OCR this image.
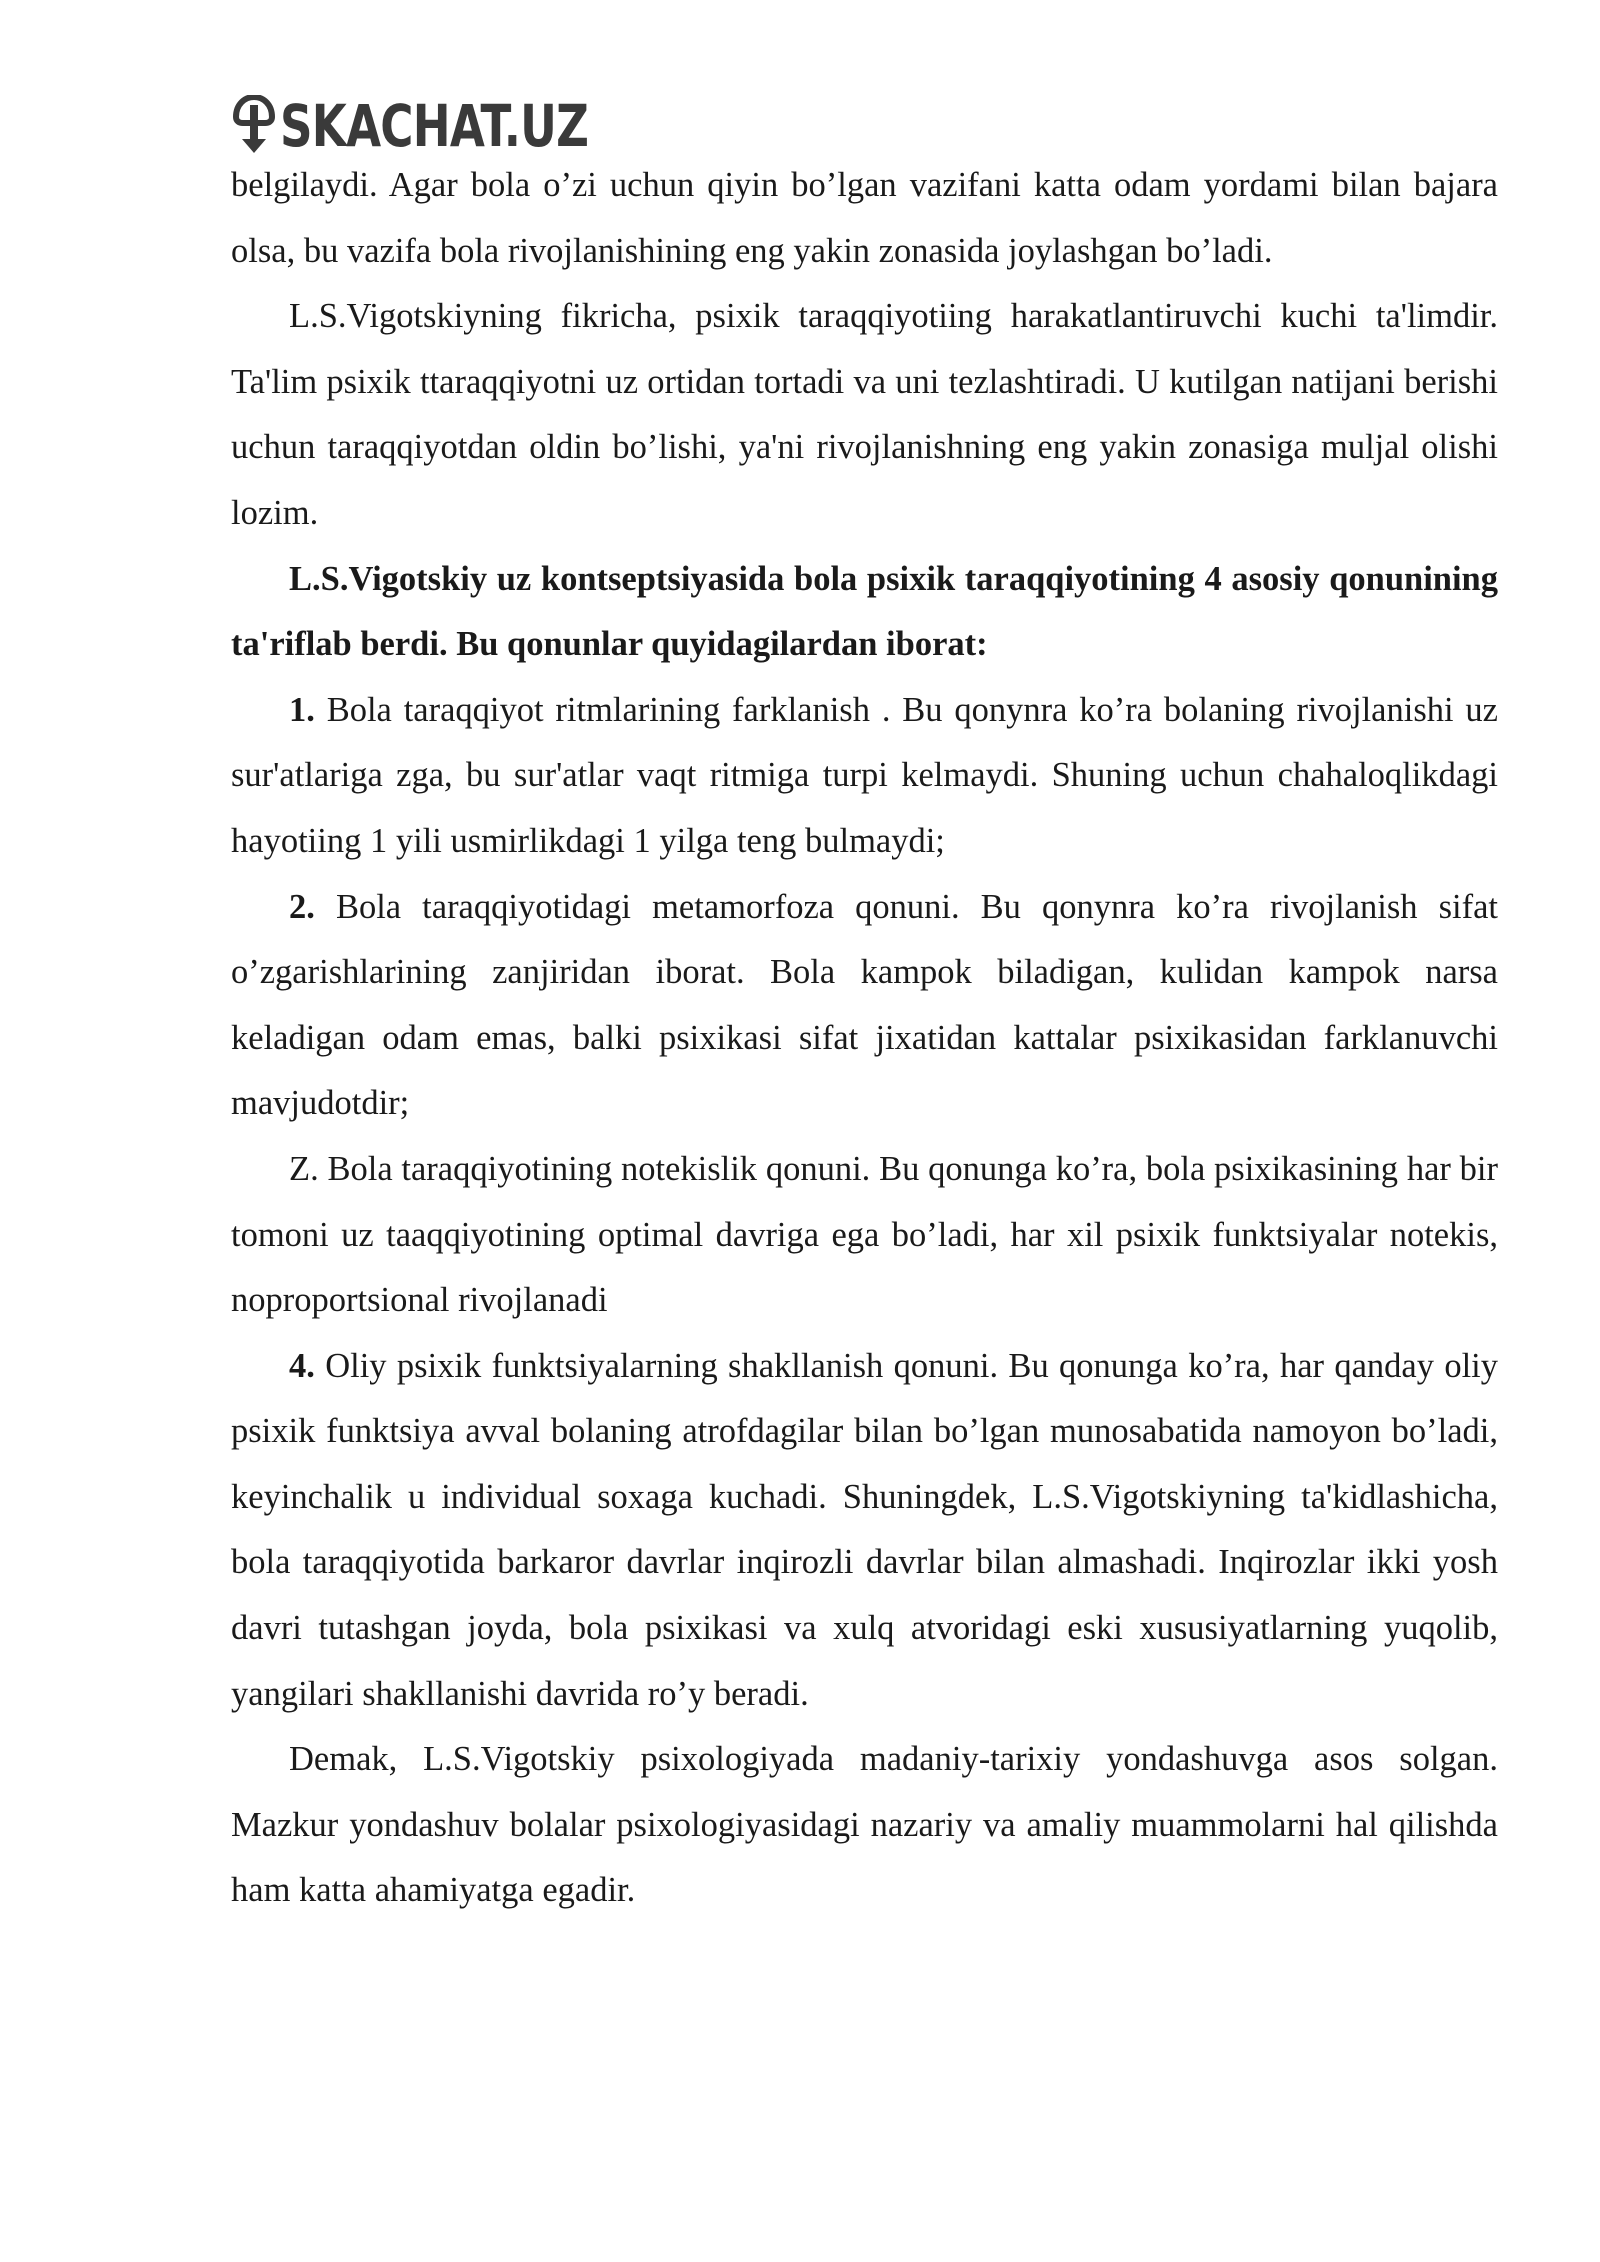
SKACHAT.UZ

belgilaydi. Agar bola o’zi uchun qiyin bo’lgan vazifani katta odam yordami bilan bajara olsa, bu vazifa bola rivojlanishining eng yakin zonasida joylashgan bo’ladi.

L.S.Vigotskiyning fikricha, psixik taraqqiyotiing harakatlantiruvchi kuchi ta'limdir. Ta'lim psixik ttaraqqiyotni uz ortidan tortadi va uni tezlashtiradi. U kutilgan natijani berishi uchun taraqqiyotdan oldin bo’lishi, ya'ni rivojlanishning eng yakin zonasiga muljal olishi lozim.

L.S.Vigotskiy uz kontseptsiyasida bola psixik taraqqiyotining 4 asosiy qonunining ta'riflab berdi. Bu qonunlar quyidagilardan iborat:

1. Bola taraqqiyot ritmlarining farklanish . Bu qonynra ko’ra bolaning rivojlanishi uz sur'atlariga zga, bu sur'atlar vaqt ritmiga turpi kelmaydi. Shuning uchun chahaloqlikdagi hayotiing 1 yili usmirlikdagi 1 yilga teng bulmaydi;

2. Bola taraqqiyotidagi metamorfoza qonuni. Bu qonynra ko’ra rivojlanish sifat o’zgarishlarining zanjiridan iborat. Bola kampok biladigan, kulidan kampok narsa keladigan odam emas, balki psixikasi sifat jixatidan kattalar psixikasidan farklanuvchi mavjudotdir;

Z. Bola taraqqiyotining notekislik qonuni. Bu qonunga ko’ra, bola psixikasining har bir tomoni uz taaqqiyotining optimal davriga ega bo’ladi, har xil psixik funktsiyalar notekis, noproportsional rivojlanadi

4. Oliy psixik funktsiyalarning shakllanish qonuni. Bu qonunga ko’ra, har qanday oliy psixik funktsiya avval bolaning atrofdagilar bilan bo’lgan munosabatida namoyon bo’ladi, keyinchalik u individual soxaga kuchadi. Shuningdek, L.S.Vigotskiyning ta'kidlashicha, bola taraqqiyotida barkaror davrlar inqirozli davrlar bilan almashadi. Inqirozlar ikki yosh davri tutashgan joyda, bola psixikasi va xulq atvoridagi eski xususiyatlarning yuqolib, yangilari shakllanishi davrida ro’y beradi.

Demak, L.S.Vigotskiy psixologiyada madaniy-tarixiy yondashuvga asos solgan. Mazkur yondashuv bolalar psixologiyasidagi nazariy va amaliy muammolarni hal qilishda ham katta ahamiyatga egadir.
